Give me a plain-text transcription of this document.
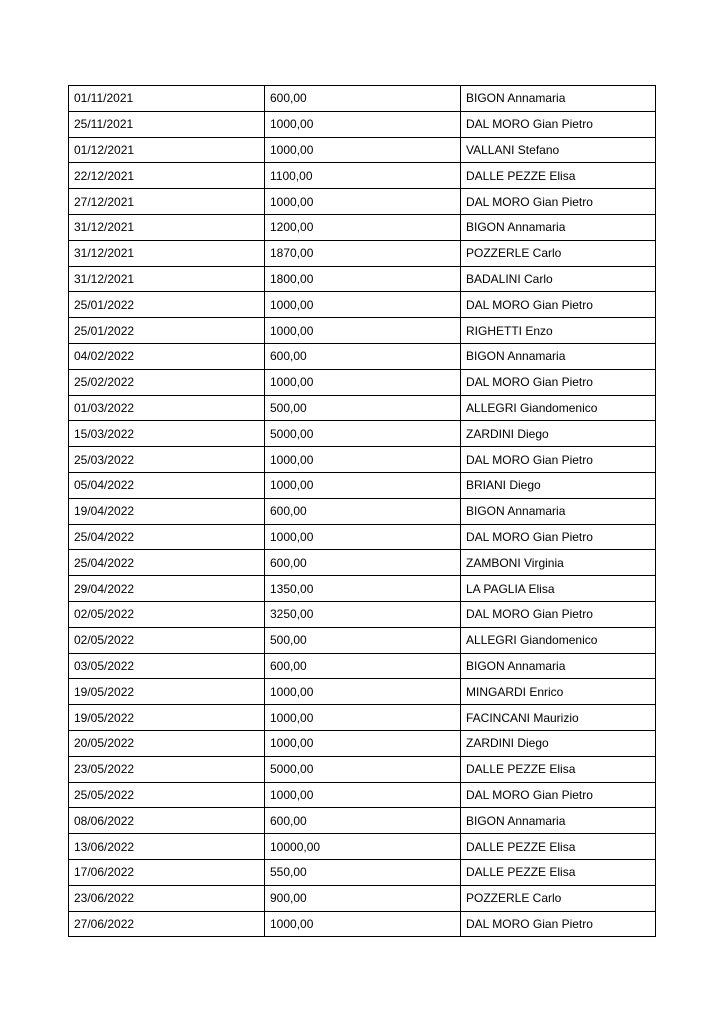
01/11/2021	600,00	BIGON Annamaria
25/11/2021	1000,00	DAL MORO Gian Pietro
01/12/2021	1000,00	VALLANI Stefano
22/12/2021	1100,00	DALLE PEZZE Elisa
27/12/2021	1000,00	DAL MORO Gian Pietro
31/12/2021	1200,00	BIGON Annamaria
31/12/2021	1870,00	POZZERLE Carlo
31/12/2021	1800,00	BADALINI Carlo
25/01/2022	1000,00	DAL MORO Gian Pietro
25/01/2022	1000,00	RIGHETTI Enzo
04/02/2022	600,00	BIGON Annamaria
25/02/2022	1000,00	DAL MORO Gian Pietro
01/03/2022	500,00	ALLEGRI Giandomenico
15/03/2022	5000,00	ZARDINI Diego
25/03/2022	1000,00	DAL MORO Gian Pietro
05/04/2022	1000,00	BRIANI Diego
19/04/2022	600,00	BIGON Annamaria
25/04/2022	1000,00	DAL MORO Gian Pietro
25/04/2022	600,00	ZAMBONI Virginia
29/04/2022	1350,00	LA PAGLIA Elisa
02/05/2022	3250,00	DAL MORO Gian Pietro
02/05/2022	500,00	ALLEGRI Giandomenico
03/05/2022	600,00	BIGON Annamaria
19/05/2022	1000,00	MINGARDI Enrico
19/05/2022	1000,00	FACINCANI Maurizio
20/05/2022	1000,00	ZARDINI Diego
23/05/2022	5000,00	DALLE PEZZE Elisa
25/05/2022	1000,00	DAL MORO Gian Pietro
08/06/2022	600,00	BIGON Annamaria
13/06/2022	10000,00	DALLE PEZZE Elisa
17/06/2022	550,00	DALLE PEZZE Elisa
23/06/2022	900,00	POZZERLE Carlo
27/06/2022	1000,00	DAL MORO Gian Pietro
